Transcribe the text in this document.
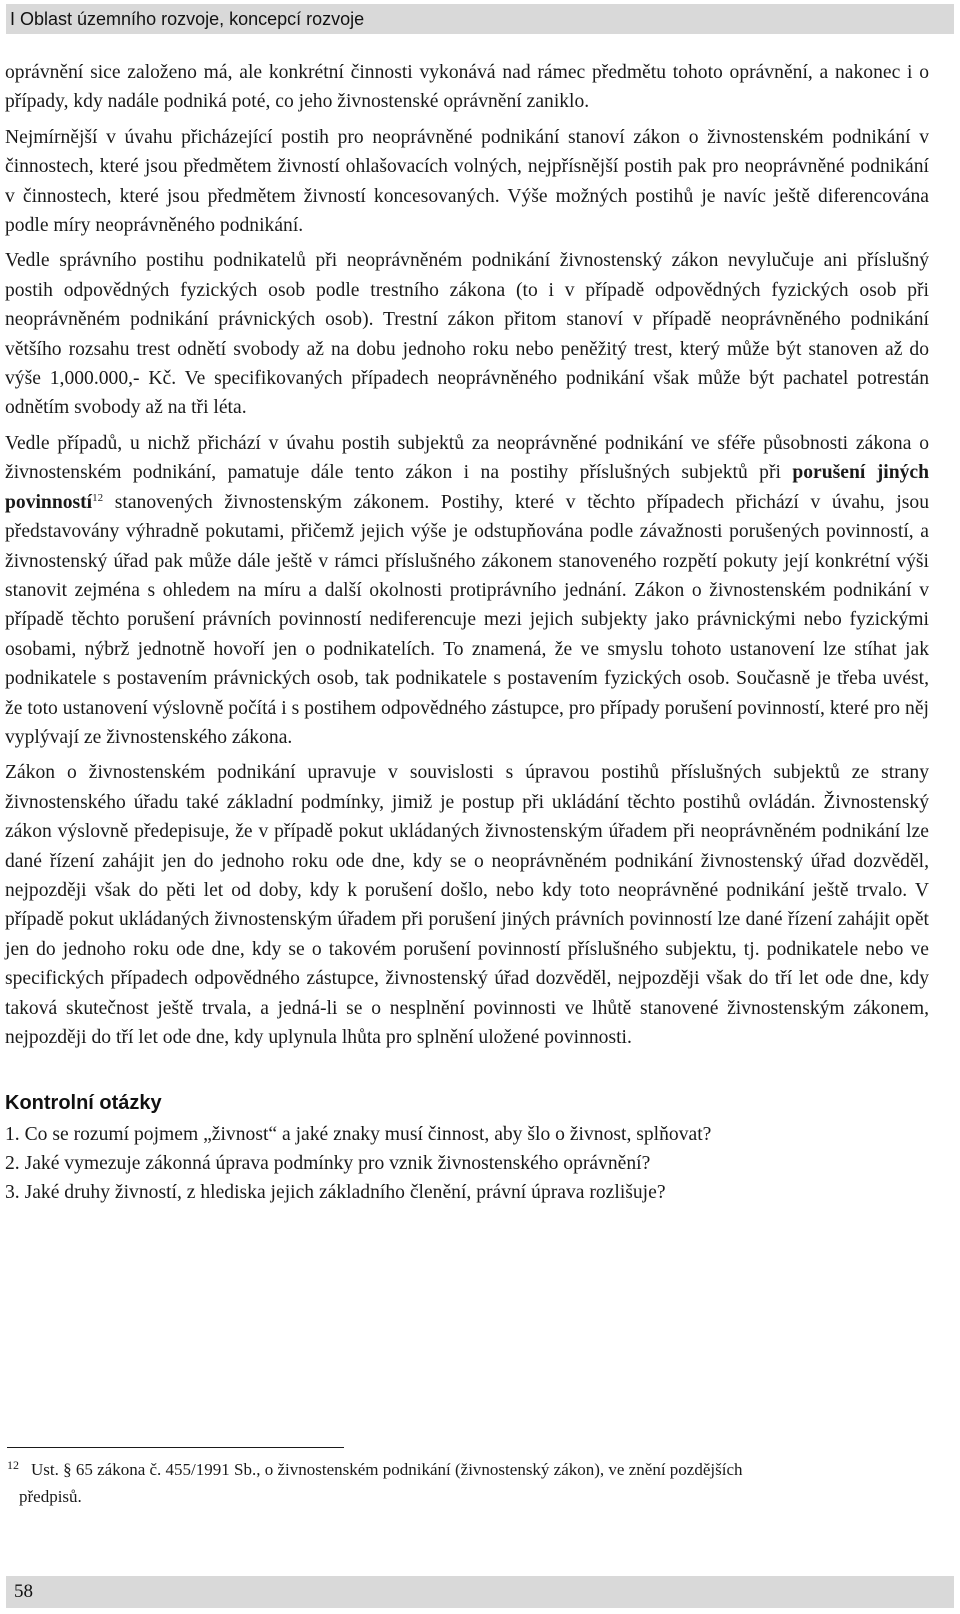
I Oblast územního rozvoje, koncepcí rozvoje

oprávnění sice založeno má, ale konkrétní činnosti vykonává nad rámec předmětu tohoto oprávnění, a nakonec i o případy, kdy nadále podniká poté, co jeho živnostenské oprávnění zaniklo.

Nejmírnější v úvahu přicházející postih pro neoprávněné podnikání stanoví zákon o živnostenském podnikání v činnostech, které jsou předmětem živností ohlašovacích volných, nejpřísnější postih pak pro neoprávněné podnikání v činnostech, které jsou předmětem živností koncesovaných. Výše možných postihů je navíc ještě diferencována podle míry neoprávněného podnikání.

Vedle správního postihu podnikatelů při neoprávněném podnikání živnostenský zákon nevylučuje ani příslušný postih odpovědných fyzických osob podle trestního zákona (to i v případě odpovědných fyzických osob při neoprávněném podnikání právnických osob). Trestní zákon přitom stanoví v případě neoprávněného podnikání většího rozsahu trest odnětí svobody až na dobu jednoho roku nebo peněžitý trest, který může být stanoven až do výše 1,000.000,- Kč. Ve specifikovaných případech neoprávněného podnikání však může být pachatel potrestán odnětím svobody až na tři léta.

Vedle případů, u nichž přichází v úvahu postih subjektů za neoprávněné podnikání ve sféře působnosti zákona o živnostenském podnikání, pamatuje dále tento zákon i na postihy příslušných subjektů při porušení jiných povinností$^{12}$ stanovených živnostenským zákonem. Postihy, které v těchto případech přichází v úvahu, jsou představovány výhradně pokutami, přičemž jejich výše je odstupňována podle závažnosti porušených povinností, a živnostenský úřad pak může dále ještě v rámci příslušného zákonem stanoveného rozpětí pokuty její konkrétní výši stanovit zejména s ohledem na míru a další okolnosti protiprávního jednání. Zákon o živnostenském podnikání v případě těchto porušení právních povinností nediferencuje mezi jejich subjekty jako právnickými nebo fyzickými osobami, nýbrž jednotně hovoří jen o podnikatelích. To znamená, že ve smyslu tohoto ustanovení lze stíhat jak podnikatele s postavením právnických osob, tak podnikatele s postavením fyzických osob. Současně je třeba uvést, že toto ustanovení výslovně počítá i s postihem odpovědného zástupce, pro případy porušení povinností, které pro něj vyplývají ze živnostenského zákona.

Zákon o živnostenském podnikání upravuje v souvislosti s úpravou postihů příslušných subjektů ze strany živnostenského úřadu také základní podmínky, jimiž je postup při ukládání těchto postihů ovládán. Živnostenský zákon výslovně předepisuje, že v případě pokut ukládaných živnostenským úřadem při neoprávněném podnikání lze dané řízení zahájit jen do jednoho roku ode dne, kdy se o neoprávněném podnikání živnostenský úřad dozvěděl, nejpozději však do pěti let od doby, kdy k porušení došlo, nebo kdy toto neoprávněné podnikání ještě trvalo. V případě pokut ukládaných živnostenským úřadem při porušení jiných právních povinností lze dané řízení zahájit opět jen do jednoho roku ode dne, kdy se o takovém porušení povinností příslušného subjektu, tj. podnikatele nebo ve specifických případech odpovědného zástupce, živnostenský úřad dozvěděl, nejpozději však do tří let ode dne, kdy taková skutečnost ještě trvala, a jedná-li se o nesplnění povinnosti ve lhůtě stanovené živnostenským zákonem, nejpozději do tří let ode dne, kdy uplynula lhůta pro splnění uložené povinnosti.

Kontrolní otázky
1. Co se rozumí pojmem „živnost“ a jaké znaky musí činnost, aby šlo o živnost, splňovat?
2. Jaké vymezuje zákonná úprava podmínky pro vznik živnostenského oprávnění?
3. Jaké druhy živností, z hlediska jejich základního členění, právní úprava rozlišuje?
$^{12}$ Ust. § 65 zákona č. 455/1991 Sb., o živnostenském podnikání (živnostenský zákon), ve znění pozdějších
předpisů.
58
